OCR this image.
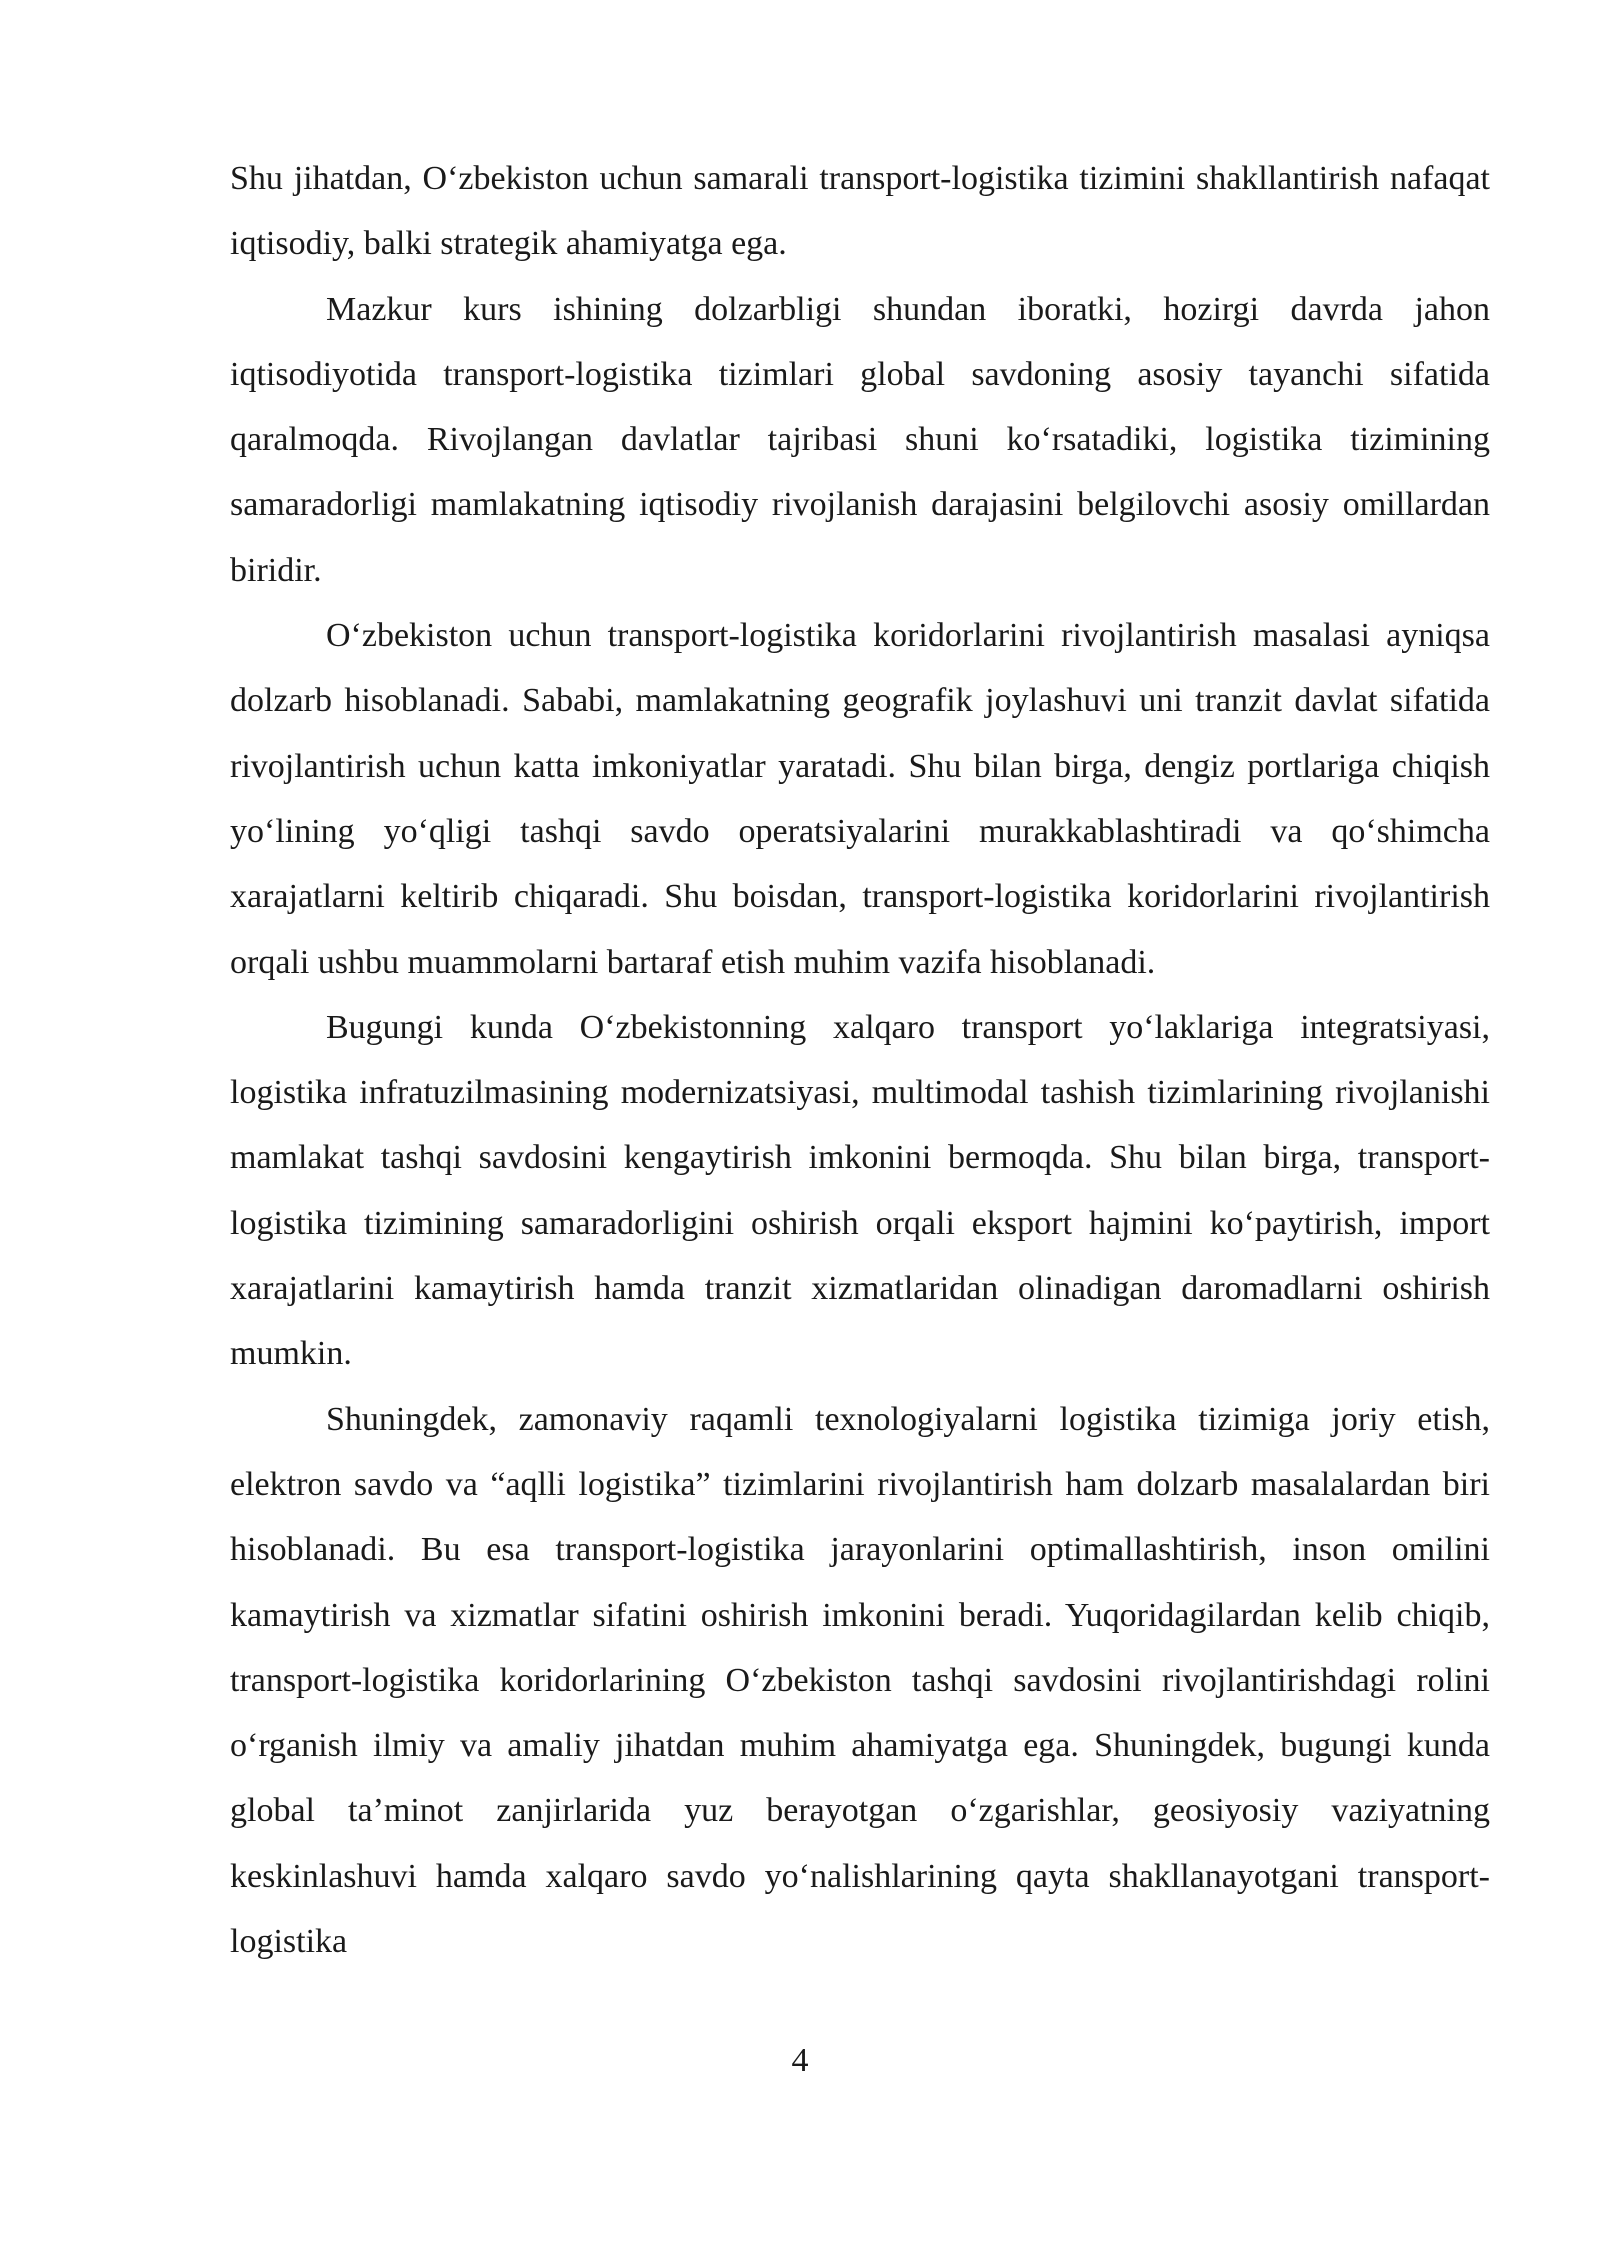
Shu jihatdan, O‘zbekiston uchun samarali transport-logistika tizimini shakllantirish nafaqat iqtisodiy, balki strategik ahamiyatga ega.

Mazkur kurs ishining dolzarbligi shundan iboratki, hozirgi davrda jahon iqtisodiyotida transport-logistika tizimlari global savdoning asosiy tayanchi sifatida qaralmoqda. Rivojlangan davlatlar tajribasi shuni ko‘rsatadiki, logistika tizimining samaradorligi mamlakatning iqtisodiy rivojlanish darajasini belgilovchi asosiy omillardan biridir.

O‘zbekiston uchun transport-logistika koridorlarini rivojlantirish masalasi ayniqsa dolzarb hisoblanadi. Sababi, mamlakatning geografik joylashuvi uni tranzit davlat sifatida rivojlantirish uchun katta imkoniyatlar yaratadi. Shu bilan birga, dengiz portlariga chiqish yo‘lining yo‘qligi tashqi savdo operatsiyalarini murakkablashtiradi va qo‘shimcha xarajatlarni keltirib chiqaradi. Shu boisdan, transport-logistika koridorlarini rivojlantirish orqali ushbu muammolarni bartaraf etish muhim vazifa hisoblanadi.

Bugungi kunda O‘zbekistonning xalqaro transport yo‘laklariga integratsiyasi, logistika infratuzilmasining modernizatsiyasi, multimodal tashish tizimlarining rivojlanishi mamlakat tashqi savdosini kengaytirish imkonini bermoqda. Shu bilan birga, transport-logistika tizimining samaradorligini oshirish orqali eksport hajmini ko‘paytirish, import xarajatlarini kamaytirish hamda tranzit xizmatlaridan olinadigan daromadlarni oshirish mumkin.

Shuningdek, zamonaviy raqamli texnologiyalarni logistika tizimiga joriy etish, elektron savdo va “aqlli logistika” tizimlarini rivojlantirish ham dolzarb masalalardan biri hisoblanadi. Bu esa transport-logistika jarayonlarini optimallashtirish, inson omilini kamaytirish va xizmatlar sifatini oshirish imkonini beradi. Yuqoridagilardan kelib chiqib, transport-logistika koridorlarining O‘zbekiston tashqi savdosini rivojlantirishdagi rolini o‘rganish ilmiy va amaliy jihatdan muhim ahamiyatga ega. Shuningdek, bugungi kunda global ta’minot zanjirlarida yuz berayotgan o‘zgarishlar, geosiyosiy vaziyatning keskinlashuvi hamda xalqaro savdo yo‘nalishlarining qayta shakllanayotgani transport-logistika

4
